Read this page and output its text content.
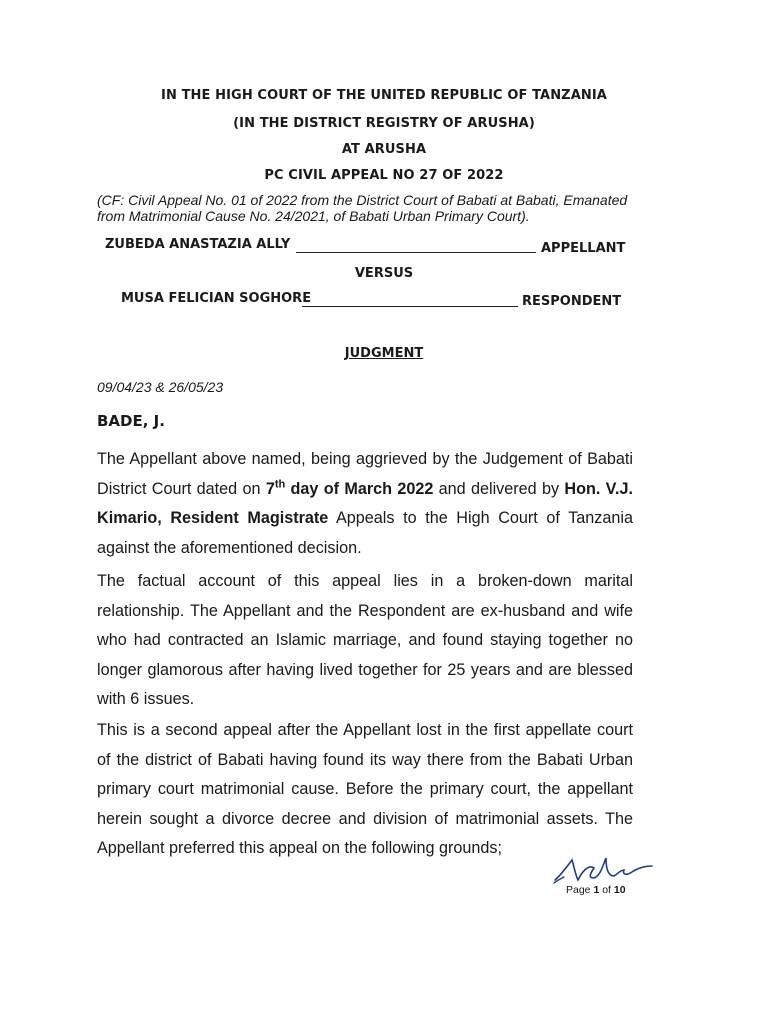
IN THE HIGH COURT OF THE UNITED REPUBLIC OF TANZANIA
(IN THE DISTRICT REGISTRY OF ARUSHA)
AT ARUSHA
PC CIVIL APPEAL NO 27 OF 2022
(CF: Civil Appeal No. 01 of 2022 from the District Court of Babati at Babati, Emanated from Matrimonial Cause No. 24/2021, of Babati Urban Primary Court).
ZUBEDA ANASTAZIA ALLY	APPELLANT
VERSUS
MUSA FELICIAN SOGHORE	RESPONDENT
JUDGMENT
09/04/23 & 26/05/23
BADE, J.
The Appellant above named, being aggrieved by the Judgement of Babati District Court dated on 7th day of March 2022 and delivered by Hon. V.J. Kimario, Resident Magistrate Appeals to the High Court of Tanzania against the aforementioned decision.
The factual account of this appeal lies in a broken-down marital relationship. The Appellant and the Respondent are ex-husband and wife who had contracted an Islamic marriage, and found staying together no longer glamorous after having lived together for 25 years and are blessed with 6 issues.
This is a second appeal after the Appellant lost in the first appellate court of the district of Babati having found its way there from the Babati Urban primary court matrimonial cause. Before the primary court, the appellant herein sought a divorce decree and division of matrimonial assets. The Appellant preferred this appeal on the following grounds;
Page 1 of 10
